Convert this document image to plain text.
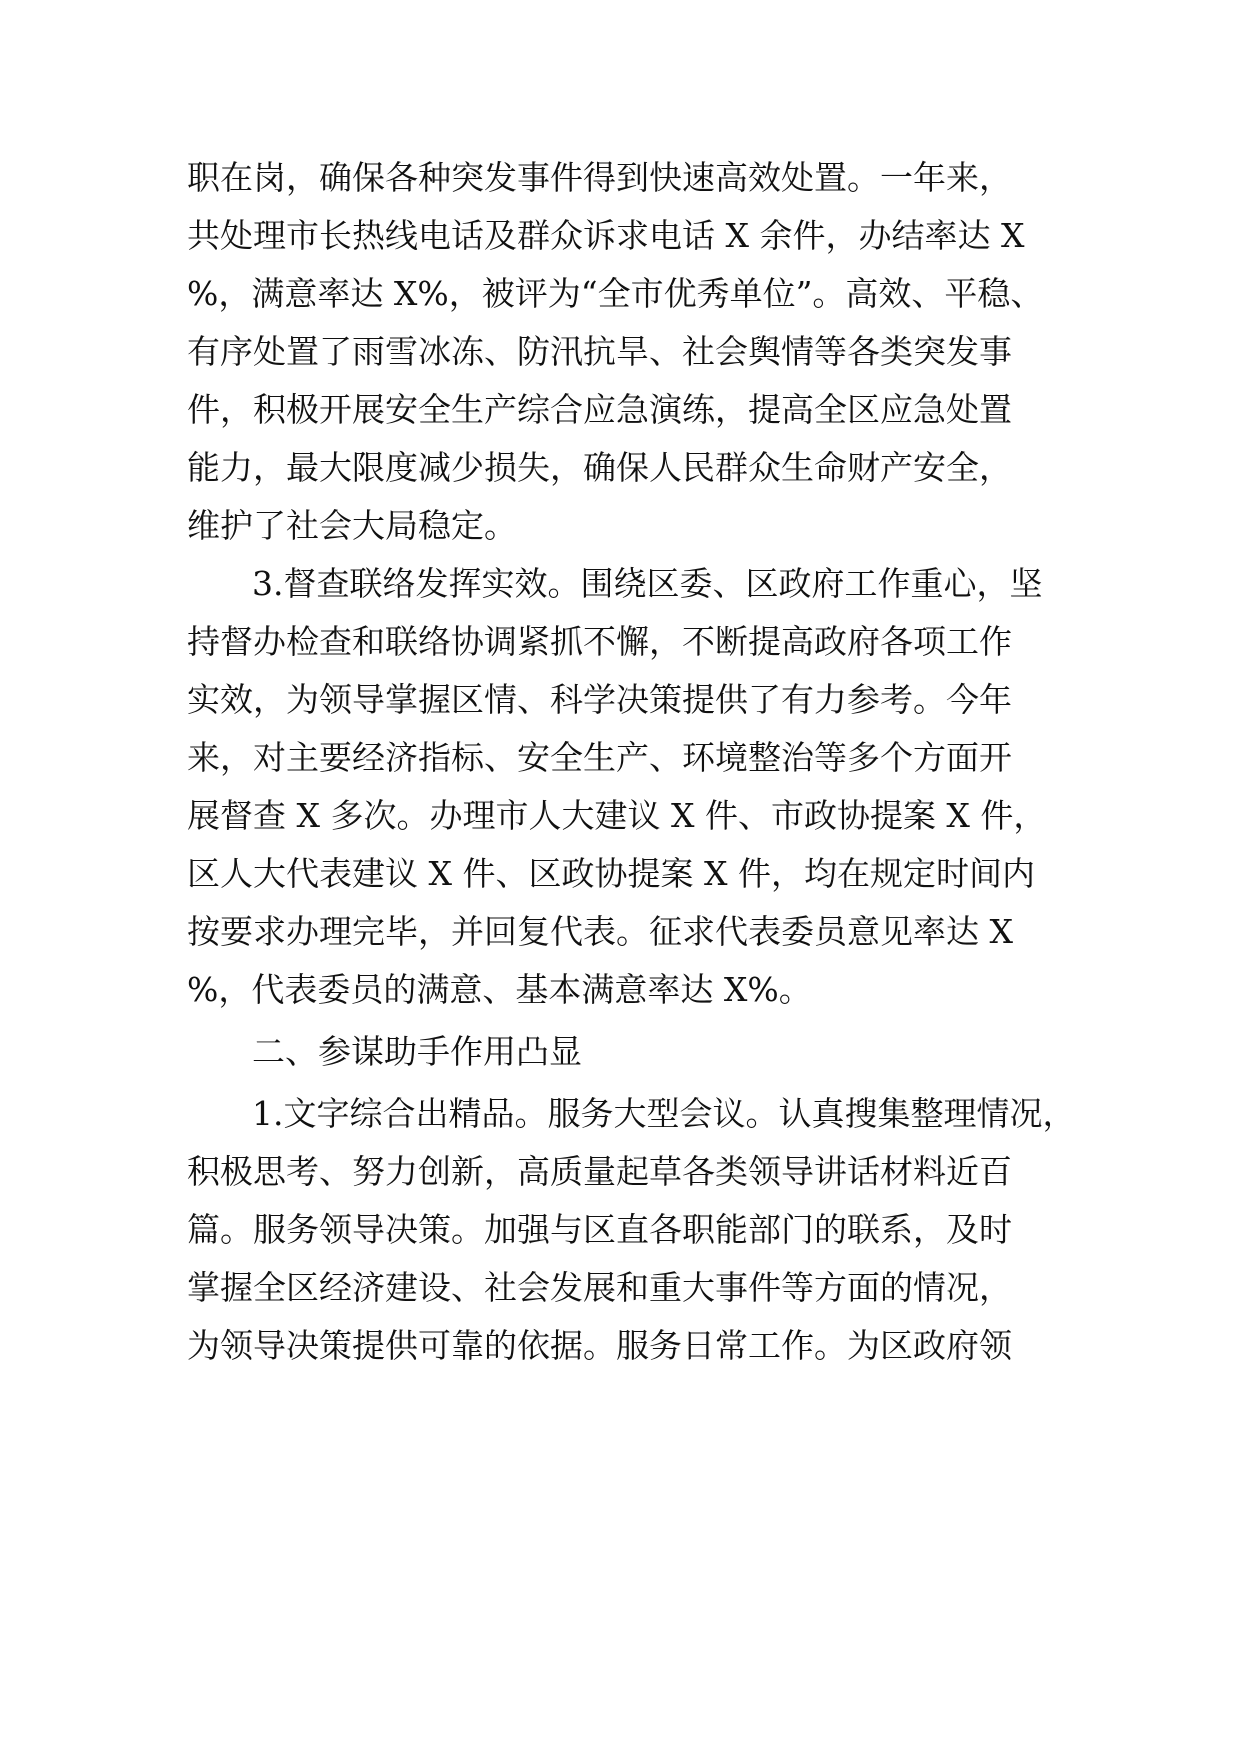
职在岗，确保各种突发事件得到快速高效处置。一年来，
共处理市长热线电话及群众诉求电话 X 余件，办结率达 X
%，满意率达 X%，被评为“全市优秀单位”。高效、平稳、
有序处置了雨雪冰冻、防汛抗旱、社会舆情等各类突发事
件，积极开展安全生产综合应急演练，提高全区应急处置
能力，最大限度减少损失，确保人民群众生命财产安全，
维护了社会大局稳定。
3.督查联络发挥实效。围绕区委、区政府工作重心，坚
持督办检查和联络协调紧抓不懈，不断提高政府各项工作
实效，为领导掌握区情、科学决策提供了有力参考。今年
来，对主要经济指标、安全生产、环境整治等多个方面开
展督查 X 多次。办理市人大建议 X 件、市政协提案 X 件，
区人大代表建议 X 件、区政协提案 X 件，均在规定时间内
按要求办理完毕，并回复代表。征求代表委员意见率达 X
%，代表委员的满意、基本满意率达 X%。
二、参谋助手作用凸显
1.文字综合出精品。服务大型会议。认真搜集整理情况，
积极思考、努力创新，高质量起草各类领导讲话材料近百
篇。服务领导决策。加强与区直各职能部门的联系，及时
掌握全区经济建设、社会发展和重大事件等方面的情况，
为领导决策提供可靠的依据。服务日常工作。为区政府领
